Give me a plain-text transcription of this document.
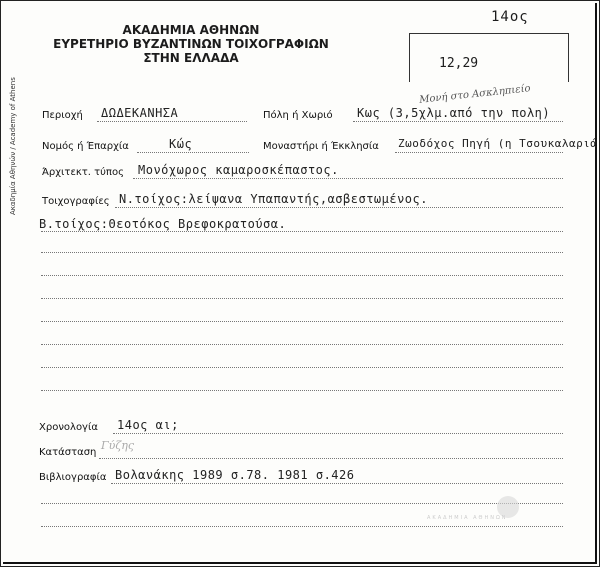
14ος
ΑΚΑΔΗΜΙΑ ΑΘΗΝΩΝ
ΕΥΡΕΤΗΡΙΟ ΒΥΖΑΝΤΙΝΩΝ ΤΟΙΧΟΓΡΑΦΙΩΝ
ΣΤΗΝ ΕΛΛΑΔΑ
Ακαδημία Αθηνών / Academy of Athens
12,29
Μονή στο Ασκληπιείο
Περιοχή ΔΩΔΕΚΑΝΗΣΑ	Πόλη ή Χωριό Κως (3,5χλμ.από την πολη)
Νομός ή Έπαρχία	Κώς	Μοναστήρι ή Έκκλησία Ζωοδόχος Πηγή (η Τσουκαλαριά
Άρχιτεκτ. τύπος Μονόχωρος καμαροσκέπαστος.
Τοιχογραφίες Ν.τοίχος:λείψανα Υπαπαντής,ασβεστωμένος.
Β.τοίχος:Θεοτόκος Βρεφοκρατούσα.
Χρονολογία 14ος αι;
Κατάσταση
Γύζης
Βιβλιογραφία Βολανάκης 1989 σ.78. 1981 σ.426
ΑΚΑΔΗΜΙΑ ΑΘΗΝΩΝ
